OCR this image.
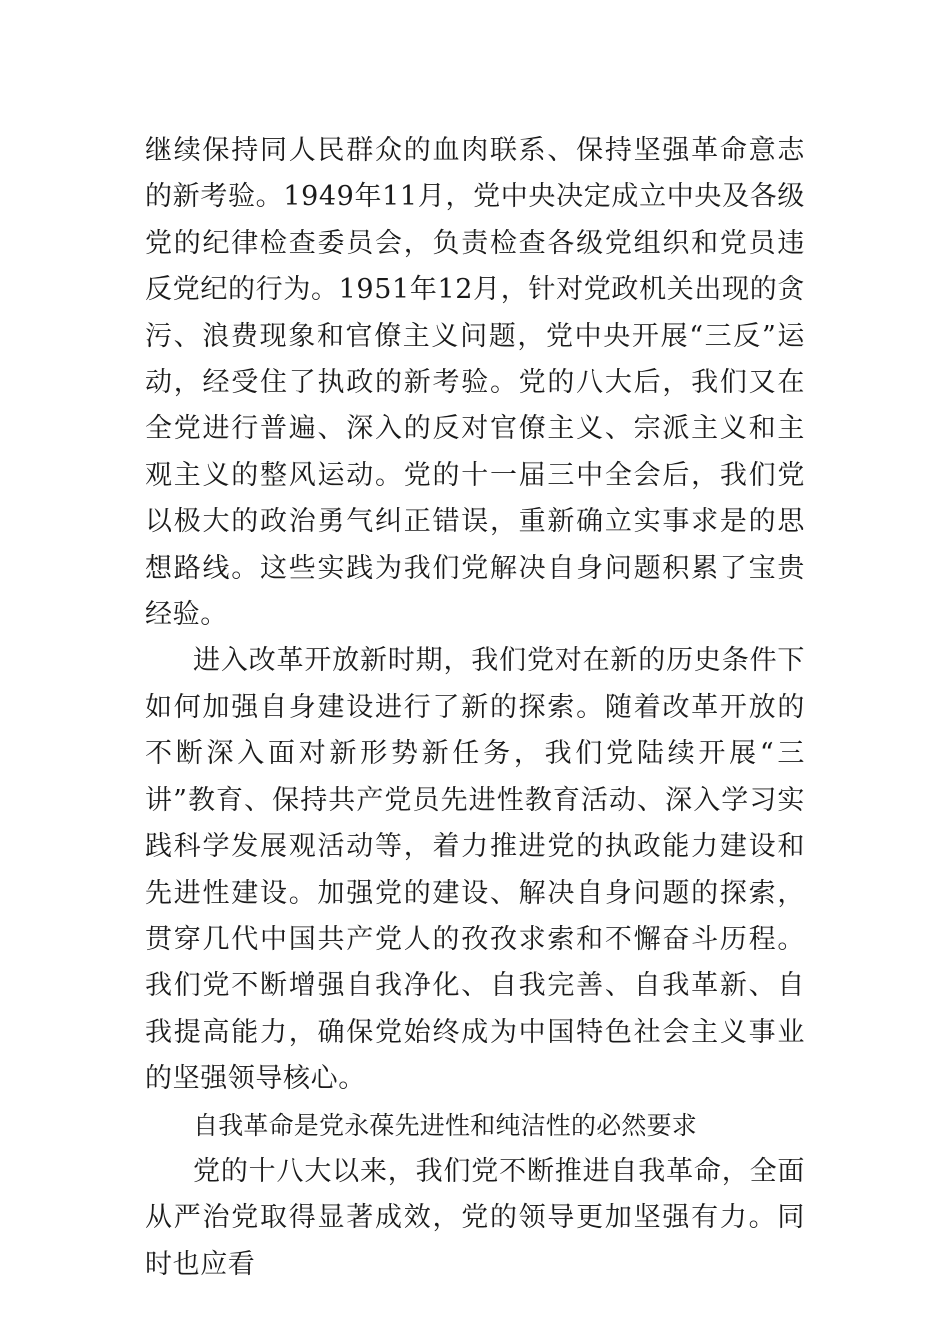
继续保持同人民群众的血肉联系、保持坚强革命意志的新考验。1949年11月，党中央决定成立中央及各级党的纪律检查委员会，负责检查各级党组织和党员违反党纪的行为。1951年12月，针对党政机关出现的贪污、浪费现象和官僚主义问题，党中央开展“三反”运动，经受住了执政的新考验。党的八大后，我们又在全党进行普遍、深入的反对官僚主义、宗派主义和主观主义的整风运动。党的十一届三中全会后，我们党以极大的政治勇气纠正错误，重新确立实事求是的思想路线。这些实践为我们党解决自身问题积累了宝贵经验。

进入改革开放新时期，我们党对在新的历史条件下如何加强自身建设进行了新的探索。随着改革开放的不断深入面对新形势新任务，我们党陆续开展“三讲”教育、保持共产党员先进性教育活动、深入学习实践科学发展观活动等，着力推进党的执政能力建设和先进性建设。加强党的建设、解决自身问题的探索，贯穿几代中国共产党人的孜孜求索和不懈奋斗历程。我们党不断增强自我净化、自我完善、自我革新、自我提高能力，确保党始终成为中国特色社会主义事业的坚强领导核心。

自我革命是党永葆先进性和纯洁性的必然要求

党的十八大以来，我们党不断推进自我革命，全面从严治党取得显著成效，党的领导更加坚强有力。同时也应看
